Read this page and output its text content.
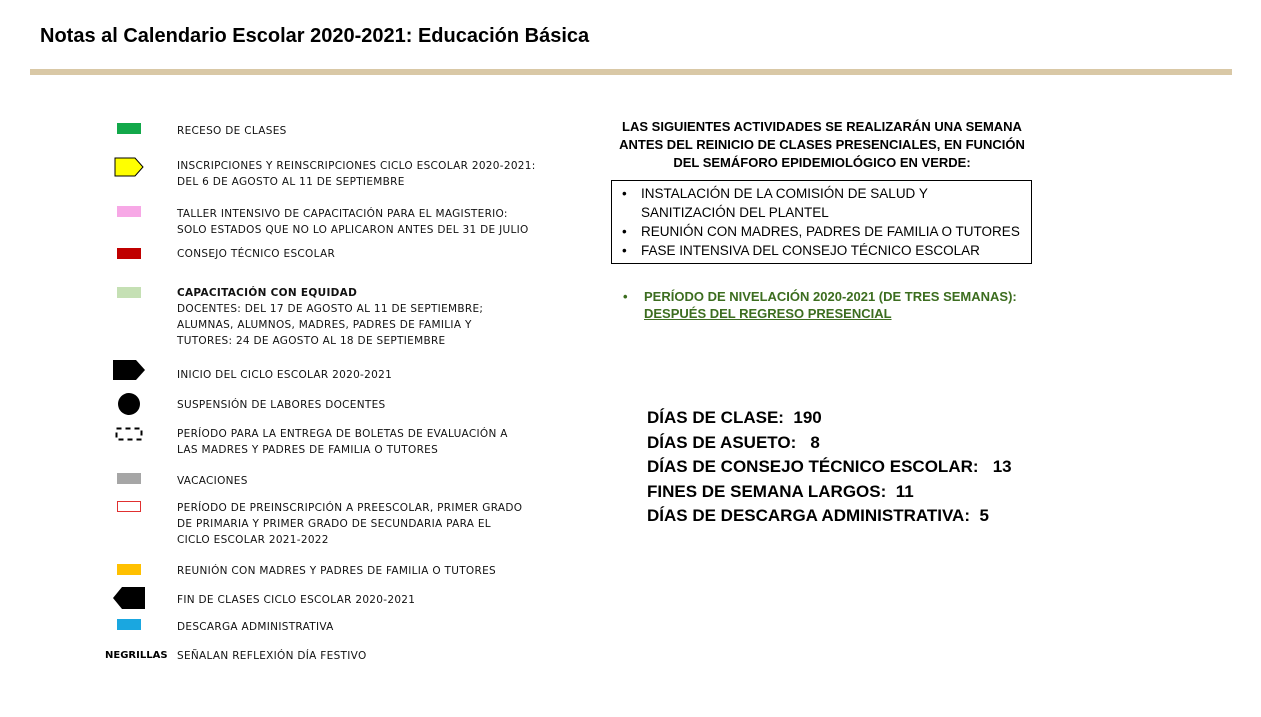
Notas al Calendario Escolar 2020-2021: Educación Básica
RECESO DE CLASES
INSCRIPCIONES Y REINSCRIPCIONES CICLO ESCOLAR 2020-2021:
DEL 6 DE AGOSTO AL 11 DE SEPTIEMBRE
TALLER INTENSIVO DE CAPACITACIÓN PARA EL MAGISTERIO:
SOLO ESTADOS QUE NO LO APLICARON ANTES DEL 31 DE JULIO
CONSEJO TÉCNICO ESCOLAR
CAPACITACIÓN CON EQUIDAD
DOCENTES: DEL 17 DE AGOSTO AL 11 DE SEPTIEMBRE;
ALUMNAS, ALUMNOS, MADRES, PADRES DE FAMILIA Y
TUTORES: 24 DE AGOSTO AL 18 DE SEPTIEMBRE
INICIO DEL CICLO ESCOLAR 2020-2021
SUSPENSIÓN DE LABORES DOCENTES
PERÍODO PARA LA ENTREGA DE BOLETAS DE EVALUACIÓN A
LAS MADRES Y PADRES DE FAMILIA O TUTORES
VACACIONES
PERÍODO DE PREINSCRIPCIÓN A PREESCOLAR, PRIMER GRADO
DE PRIMARIA Y PRIMER GRADO DE SECUNDARIA PARA EL
CICLO ESCOLAR 2021-2022
REUNIÓN CON MADRES Y PADRES DE FAMILIA O TUTORES
FIN DE CLASES CICLO ESCOLAR 2020-2021
DESCARGA ADMINISTRATIVA
NEGRILLAS SEÑALAN REFLEXIÓN DÍA FESTIVO
LAS SIGUIENTES ACTIVIDADES SE REALIZARÁN UNA SEMANA
ANTES DEL REINICIO DE CLASES PRESENCIALES, EN FUNCIÓN
DEL SEMÁFORO EPIDEMIOLÓGICO EN VERDE:
• INSTALACIÓN DE LA COMISIÓN DE SALUD Y SANITIZACIÓN DEL PLANTEL
• REUNIÓN CON MADRES, PADRES DE FAMILIA O TUTORES
• FASE INTENSIVA DEL CONSEJO TÉCNICO ESCOLAR
•	PERÍODO DE NIVELACIÓN 2020-2021 (DE TRES SEMANAS):
DESPUÉS DEL REGRESO PRESENCIAL
DÍAS DE CLASE:  190
DÍAS DE ASUETO:   8
DÍAS DE CONSEJO TÉCNICO ESCOLAR:   13
FINES DE SEMANA LARGOS:  11
DÍAS DE DESCARGA ADMINISTRATIVA:  5
